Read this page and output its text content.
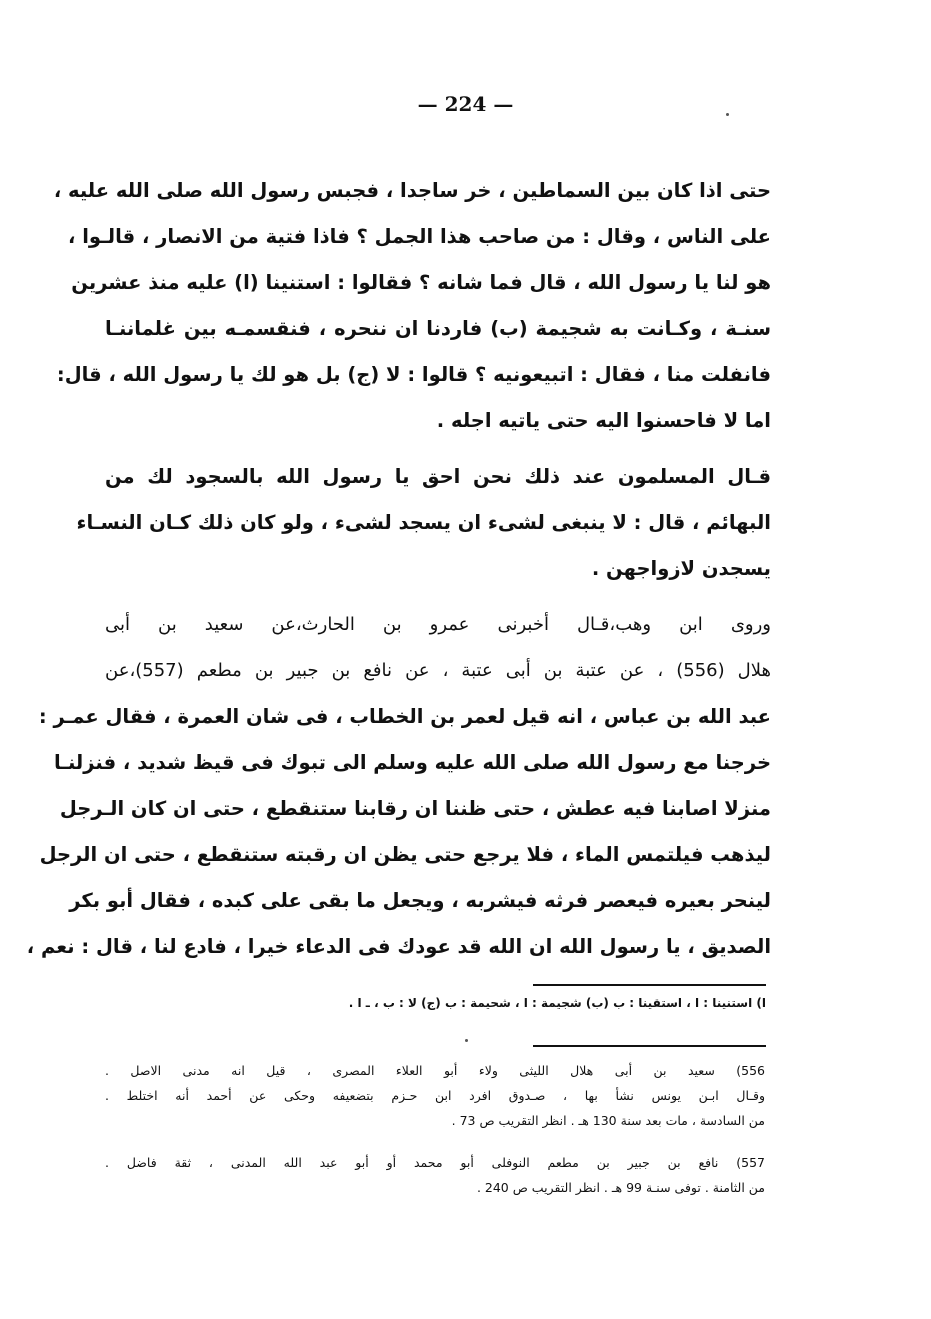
— 224 —
حتى اذا كان بين السماطين ، خر ساجدا ، فجبس رسول الله صلى الله عليه ،
على الناس ، وقال : من صاحب هذا الجمل ؟ فاذا فتية من الانصار ، قالـوا ،
هو لنا يا رسول الله ، قال فما شانه ؟ فقالوا : استنينا (ا) عليه منذ عشرين
سنـة ، وكـانت به شجيمة (ب) فاردنا ان ننحره ، فنقسمـه بين غلماننـا
فانفلت منا ، فقال : اتبيعونيه ؟ قالوا : لا (ج) بل هو لك يا رسول الله ، قال:
اما لا فاحسنوا اليه حتى ياتيه اجله .
قـال المسلمون عند ذلك نحن احق يا رسول الله بالسجود لك من
البهائم ، قال : لا ينبغى لشىء ان يسجد لشىء ، ولو كان ذلك كـان النسـاء
يسجدن لازواجهن .
وروى ابن وهب،قـال أخبرنى عمرو بن الحارث،عن سعيد بن أبى
هلال (556) ، عن عتبة بن أبى عتبة ، عن نافع بن جبير بن مطعم (557)،عن
عبد الله بن عباس ، انه قيل لعمر بن الخطاب ، فى شان العمرة ، فقال عمـر :
خرجنا مع رسول الله صلى الله عليه وسلم الى تبوك فى قيظ شديد ، فنزلنـا
منزلا اصابنا فيه عطش ، حتى ظننا ان رقابنا ستنقطع ، حتى ان كان الـرجل
ليذهب فيلتمس الماء ، فلا يرجع حتى يظن ان رقبته ستنقطع ، حتى ان الرجل
لينحر بعيره فيعصر فرثه فيشربه ، ويجعل ما بقى على كبده ، فقال أبو بكر
الصديق ، يا رسول الله ان الله قد عودك فى الدعاء خيرا ، فادع لنا ، قال : نعم ،
ا) استنينا : ا ، استقينا : ب (ب) شجيمة : ا ، شحيمة : ب (ج) لا : ب ، ـ ا .
556) سعيد بن أبى هلال الليثى ولاء أبو العلاء المصرى ، قيل انه مدنى الاصل .
وقـال ابـن يونس نشأ بها ، صـدوق افرد ابن حـزم بتضعيفه وحكى عن أحمد أنه اختلط .
من السادسة ، مات بعد سنة 130 هـ . انظر التقريب ص 73 .
557) نافع بن جبير بن مطعم النوفلى أبو محمد أو أبو عبد الله المدنى ، ثقة فاضل .
من الثامنة . توفى سنـة 99 هـ . انظر التقريب ص 240 .
